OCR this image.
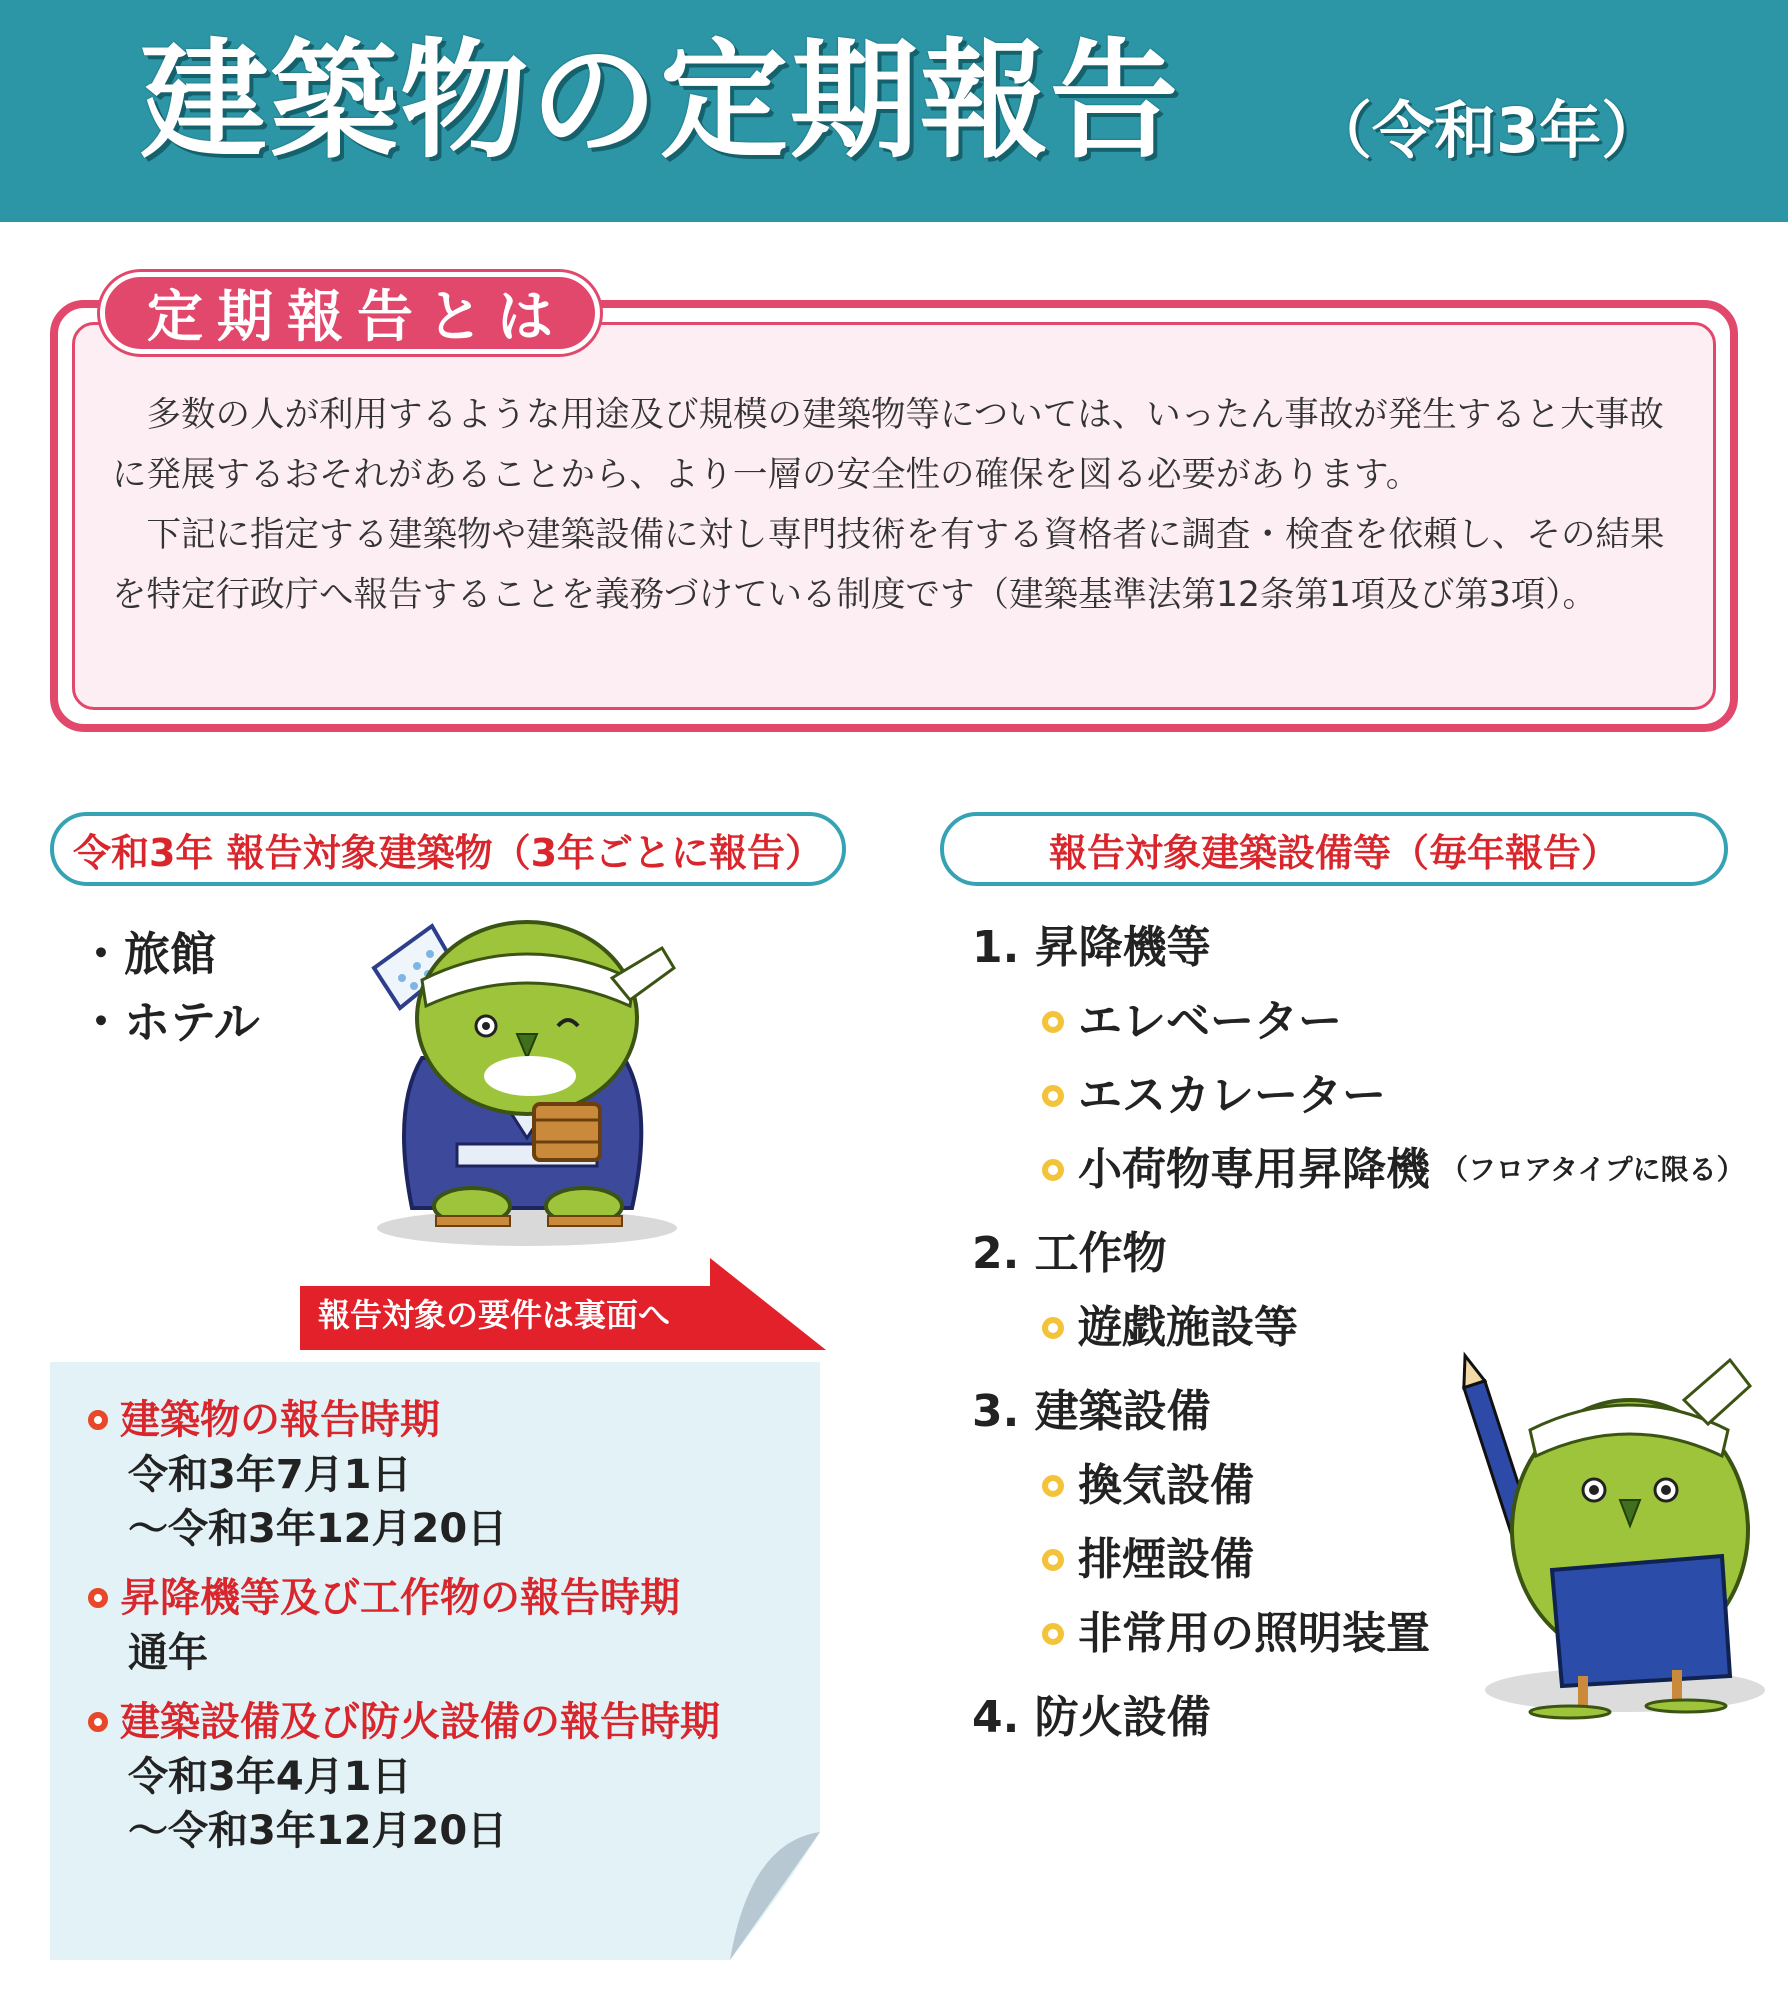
建築物の定期報告 （令和3年）
定期報告とは

多数の人が利用するような用途及び規模の建築物等については、いったん事故が発生すると大事故に発展するおそれがあることから、より一層の安全性の確保を図る必要があります。

下記に指定する建築物や建築設備に対し専門技術を有する資格者に調査・検査を依頼し、その結果を特定行政庁へ報告することを義務づけている制度です（建築基準法第12条第1項及び第3項）。

令和3年 報告対象建築物（3年ごとに報告）	報告対象建築設備等（毎年報告）
・旅館
・ホテル
報告対象の要件は裏面へ
建築物の報告時期
令和3年7月1日
～令和3年12月20日
昇降機等及び工作物の報告時期
通年
建築設備及び防火設備の報告時期
令和3年4月1日
～令和3年12月20日
1. 昇降機等
エレベーター
エスカレーター
小荷物専用昇降機 （フロアタイプに限る）
2. 工作物
遊戯施設等
3. 建築設備
換気設備
排煙設備
非常用の照明装置
4. 防火設備
